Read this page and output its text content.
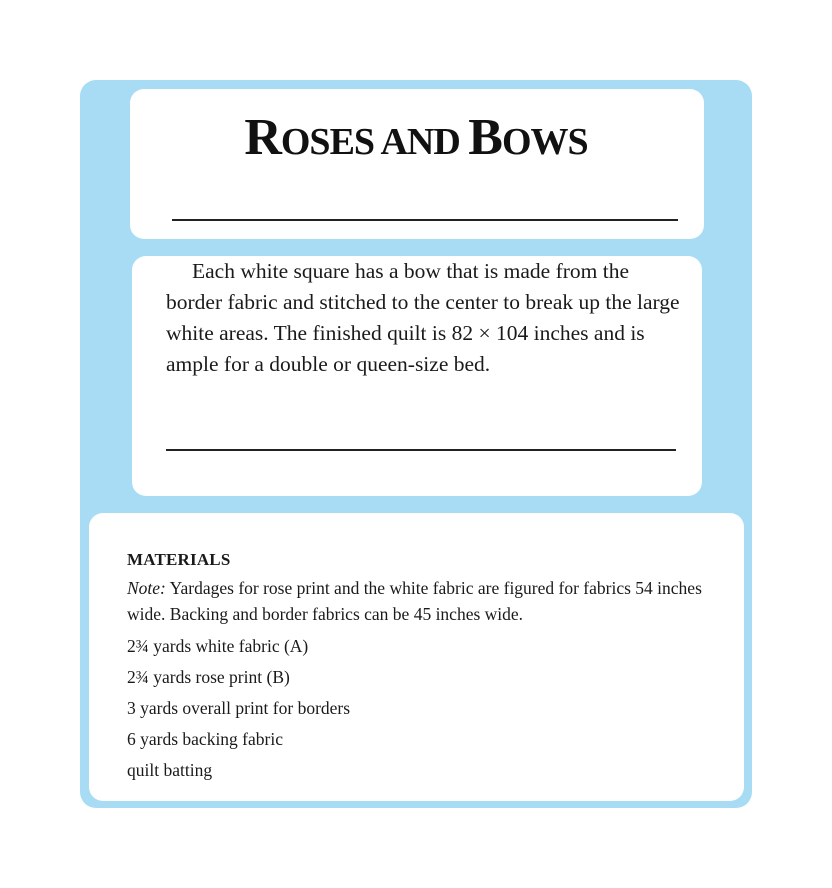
ROSES AND BOWS

Each white square has a bow that is made from the border fabric and stitched to the center to break up the large white areas. The finished quilt is 82 × 104 inches and is ample for a double or queen-size bed.

MATERIALS
Note: Yardages for rose print and the white fabric are figured for fabrics 54 inches wide. Backing and border fabrics can be 45 inches wide.
2¾ yards white fabric (A)
2¾ yards rose print (B)
3 yards overall print for borders
6 yards backing fabric
quilt batting
